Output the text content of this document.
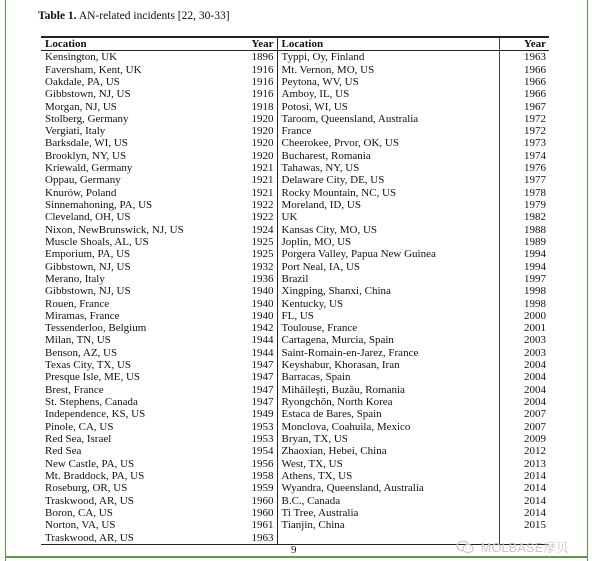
Table 1. AN-related incidents [22, 30-33]
Location	Year	Location	Year
Kensington, UK	1896	Typpi, Oy, Finland	1963
Faversham, Kent, UK	1916	Mt. Vernon, MO, US	1966
Oakdale, PA, US	1916	Peytona, WV, US	1966
Gibbstown, NJ, US	1916	Amboy, IL, US	1966
Morgan, NJ, US	1918	Potosi, WI, US	1967
Stolberg, Germany	1920	Taroom, Queensland, Australia	1972
Vergiati, Italy	1920	France	1972
Barksdale, WI, US	1920	Cheerokee, Prvor, OK, US	1973
Brooklyn, NY, US	1920	Bucharest, Romania	1974
Kriewald, Germany	1921	Tahawas, NY, US	1976
Oppau, Germany	1921	Delaware City, DE, US	1977
Knurów, Poland	1921	Rocky Mountain, NC, US	1978
Sinnemahoning, PA, US	1922	Moreland, ID, US	1979
Cleveland, OH, US	1922	UK	1982
Nixon, NewBrunswick, NJ, US	1924	Kansas City, MO, US	1988
Muscle Shoals, AL, US	1925	Joplin, MO, US	1989
Emporium, PA, US	1925	Porgera Valley, Papua New Guinea	1994
Gibbstown, NJ, US	1932	Port Neal, IA, US	1994
Merano, Italy	1936	Brazil	1997
Gibbstown, NJ, US	1940	Xingping, Shanxi, China	1998
Rouen, France	1940	Kentucky, US	1998
Miramas, France	1940	FL, US	2000
Tessenderloo, Belgium	1942	Toulouse, France	2001
Milan, TN, US	1944	Cartagena, Murcia, Spain	2003
Benson, AZ, US	1944	Saint-Romain-en-Jarez, France	2003
Texas City, TX, US	1947	Keyshabur, Khorasan, Iran	2004
Presque Isle, ME, US	1947	Barracas, Spain	2004
Brest, France	1947	Mihăileşti, Buzău, Romania	2004
St. Stephens, Canada	1947	Ryongchŏn, North Korea	2004
Independence, KS, US	1949	Estaca de Bares, Spain	2007
Pinole, CA, US	1953	Monclova, Coahuila, Mexico	2007
Red Sea, Israel	1953	Bryan, TX, US	2009
Red Sea	1954	Zhaoxian, Hebei, China	2012
New Castle, PA, US	1956	West, TX, US	2013
Mt. Braddock, PA, US	1958	Athens, TX, US	2014
Roseburg, OR, US	1959	Wyandra, Queensland, Australia	2014
Traskwood, AR, US	1960	B.C., Canada	2014
Boron, CA, US	1960	Ti Tree, Australia	2014
Norton, VA, US	1961	Tianjin, China	2015
Traskwood, AR, US	1963		
9	MOLBASE摩贝
